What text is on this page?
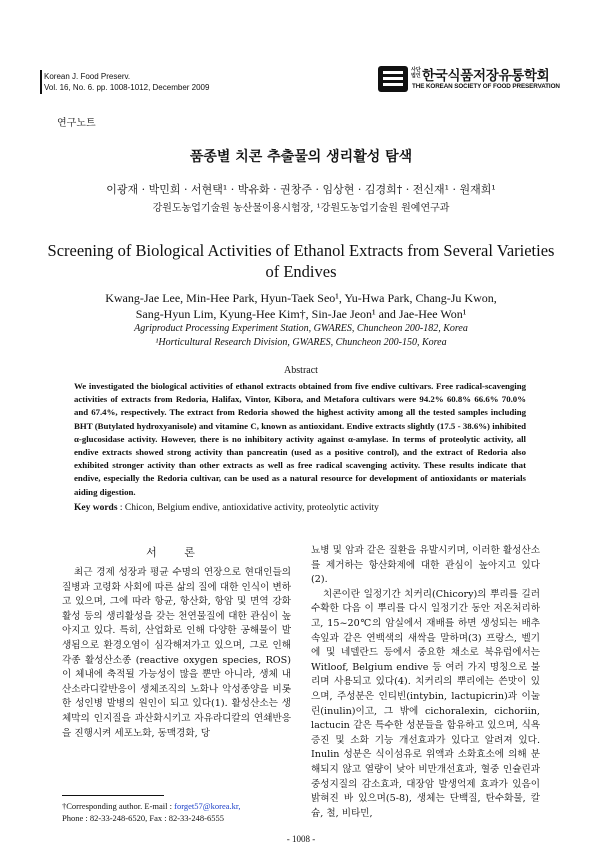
Korean J. Food Preserv.
Vol. 16, No. 6. pp. 1008-1012, December 2009
사단법인 한국식품저장유통학회
THE KOREAN SOCIETY OF FOOD PRESERVATION
연구노트
품종별 치콘 추출물의 생리활성 탐색
이광재 · 박민희 · 서현택¹ · 박유화 · 권창주 · 임상현 · 김경희† · 전신재¹ · 원재희¹
강원도농업기술원 농산물이용시험장, ¹강원도농업기술원 원예연구과
Screening of Biological Activities of Ethanol Extracts from Several Varieties of Endives
Kwang-Jae Lee, Min-Hee Park, Hyun-Taek Seo¹, Yu-Hwa Park, Chang-Ju Kwon,
Sang-Hyun Lim, Kyung-Hee Kim†, Sin-Jae Jeon¹ and Jae-Hee Won¹
Agriproduct Processing Experiment Station, GWARES, Chuncheon 200-182, Korea
¹Horticultural Research Division, GWARES, Chuncheon 200-150, Korea
Abstract
We investigated the biological activities of ethanol extracts obtained from five endive cultivars. Free radical-scavenging activities of extracts from Redoria, Halifax, Vintor, Kibora, and Metafora cultivars were 94.2% 60.8% 66.6% 70.0% and 67.4%, respectively. The extract from Redoria showed the highest activity among all the tested samples including BHT (Butylated hydroxyanisole) and vitamine C, known as antioxidant. Endive extracts slightly (17.5 - 38.6%) inhibited α-glucosidase activity. However, there is no inhibitory activity against α-amylase. In terms of proteolytic activity, all endive extracts showed strong activity than pancreatin (used as a positive control), and the extract of Redoria also exhibited stronger activity than other extracts as well as free radical scavenging activity. These results indicate that endive, especially the Redoria cultivar, can be used as a natural resource for development of antioxidants or materials aiding digestion.
Key words : Chicon, Belgium endive, antioxidative activity, proteolytic activity
서 론

최근 경제 성장과 평균 수명의 연장으로 현대인들의 질병과 고령화 사회에 따른 삶의 질에 대한 인식이 변하고 있으며, 그에 따라 항균, 항산화, 항암 및 면역 강화 활성 등의 생리활성을 갖는 천연물질에 대한 관심이 높아지고 있다. 특히, 산업화로 인해 다양한 공해물이 발생됨으로 환경오염이 심각해져가고 있으며, 그로 인해 각종 활성산소종 (reactive oxygen species, ROS)이 체내에 축적될 가능성이 많을 뿐만 아니라, 생체 내 산소라디칼반응이 생체조직의 노화나 악성종양을 비롯한 성인병 발병의 원인이 되고 있다(1). 활성산소는 생체막의 인지질을 과산화시키고 자유라디칼의 연쇄반응을 진행시켜 세포노화, 동맥경화, 당

뇨병 및 암과 같은 질환을 유발시키며, 이러한 활성산소를 제거하는 항산화제에 대한 관심이 높아지고 있다(2).

치콘이란 일정기간 치커리(Chicory)의 뿌리를 길러 수확한 다음 이 뿌리를 다시 일정기간 동안 저온처리하고, 15~20℃의 암실에서 재배를 하면 생성되는 배추 속잎과 같은 연백색의 새싹을 말하며(3) 프랑스, 벨기에 및 네델란드 등에서 중요한 채소로 북유럽에서는 Witloof, Belgium endive 등 여러 가지 명칭으로 불리며 사용되고 있다(4). 치커리의 뿌리에는 쓴맛이 있으며, 주성분은 인티빈(intybin, lactupicrin)과 이눌린(inulin)이고, 그 밖에 cichoralexin, cichoriin, lactucin 같은 특수한 성분들을 함유하고 있으며, 식욕 증진 및 소화 기능 개선효과가 있다고 알려져 있다. Inulin 성분은 식이섬유로 위액과 소화효소에 의해 분해되지 않고 열량이 낮아 비만개선효과, 혈중 인슐린과 중성지질의 감소효과, 대장암 발생억제 효과가 있음이 밝혀진 바 있으며(5-8), 생체는 단백질, 탄수화물, 칼슘, 철, 비타민,

†Corresponding author. E-mail : forget57@korea.kr,
Phone : 82-33-248-6520, Fax : 82-33-248-6555
- 1008 -
